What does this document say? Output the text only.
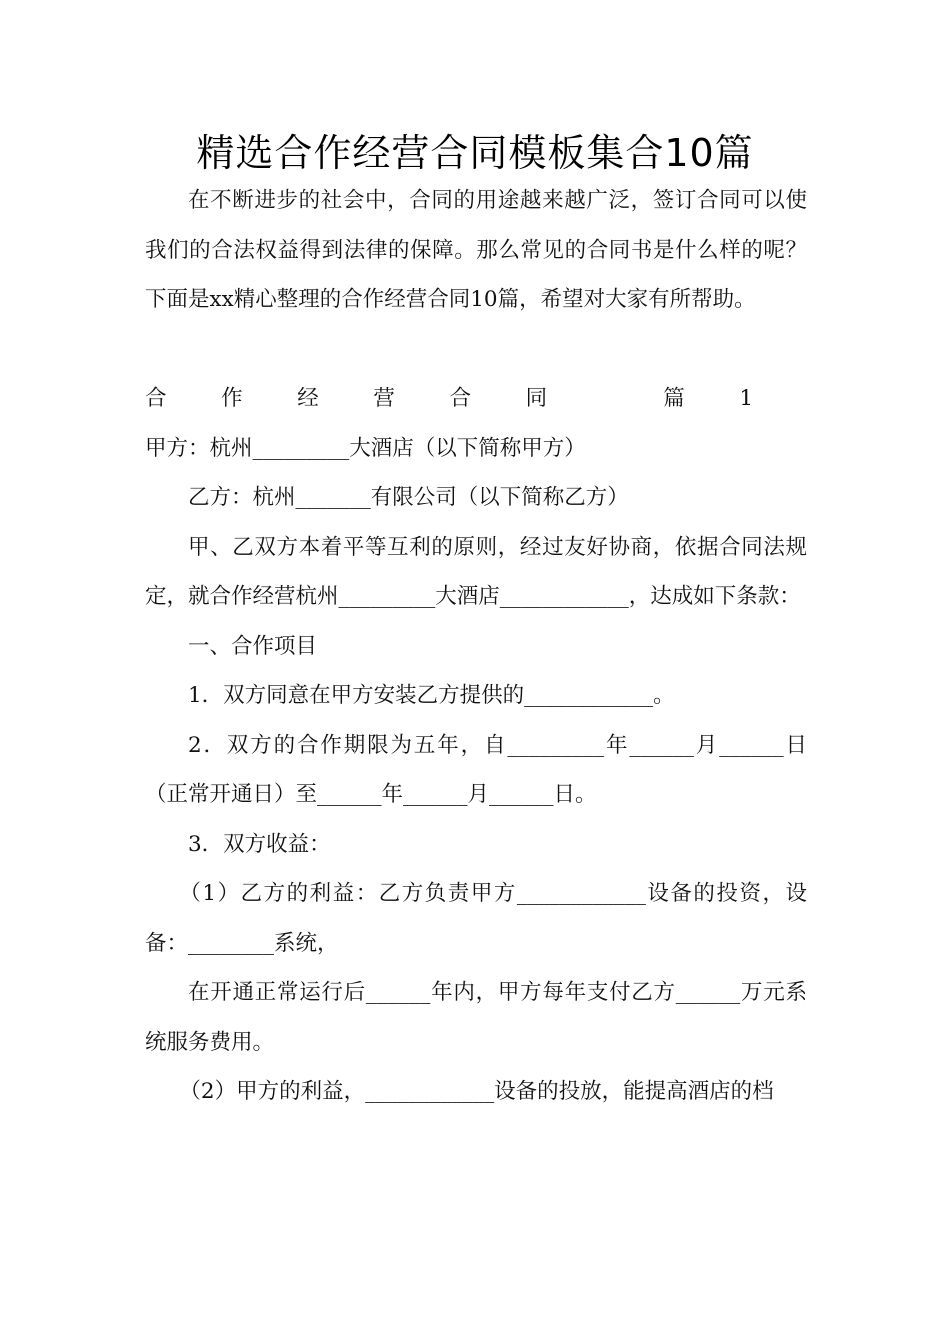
精选合作经营合同模板集合10篇

在不断进步的社会中，合同的用途越来越广泛，签订合同可以使我们的合法权益得到法律的保障。那么常见的合同书是什么样的呢？下面是xx精心整理的合作经营合同10篇，希望对大家有所帮助。

合作经营合同 篇1甲方：杭州_________大酒店（以下简称甲方）

乙方：杭州_______有限公司（以下简称乙方）

甲、乙双方本着平等互利的原则，经过友好协商，依据合同法规定，就合作经营杭州_________大酒店____________，达成如下条款：

一、合作项目

1．双方同意在甲方安装乙方提供的____________。

2．双方的合作期限为五年，自_________年______月______日（正常开通日）至______年______月______日。

3．双方收益：

（1）乙方的利益：乙方负责甲方____________设备的投资，设备：________系统，

在开通正常运行后______年内，甲方每年支付乙方______万元系统服务费用。

（2）甲方的利益，____________设备的投放，能提高酒店的档
